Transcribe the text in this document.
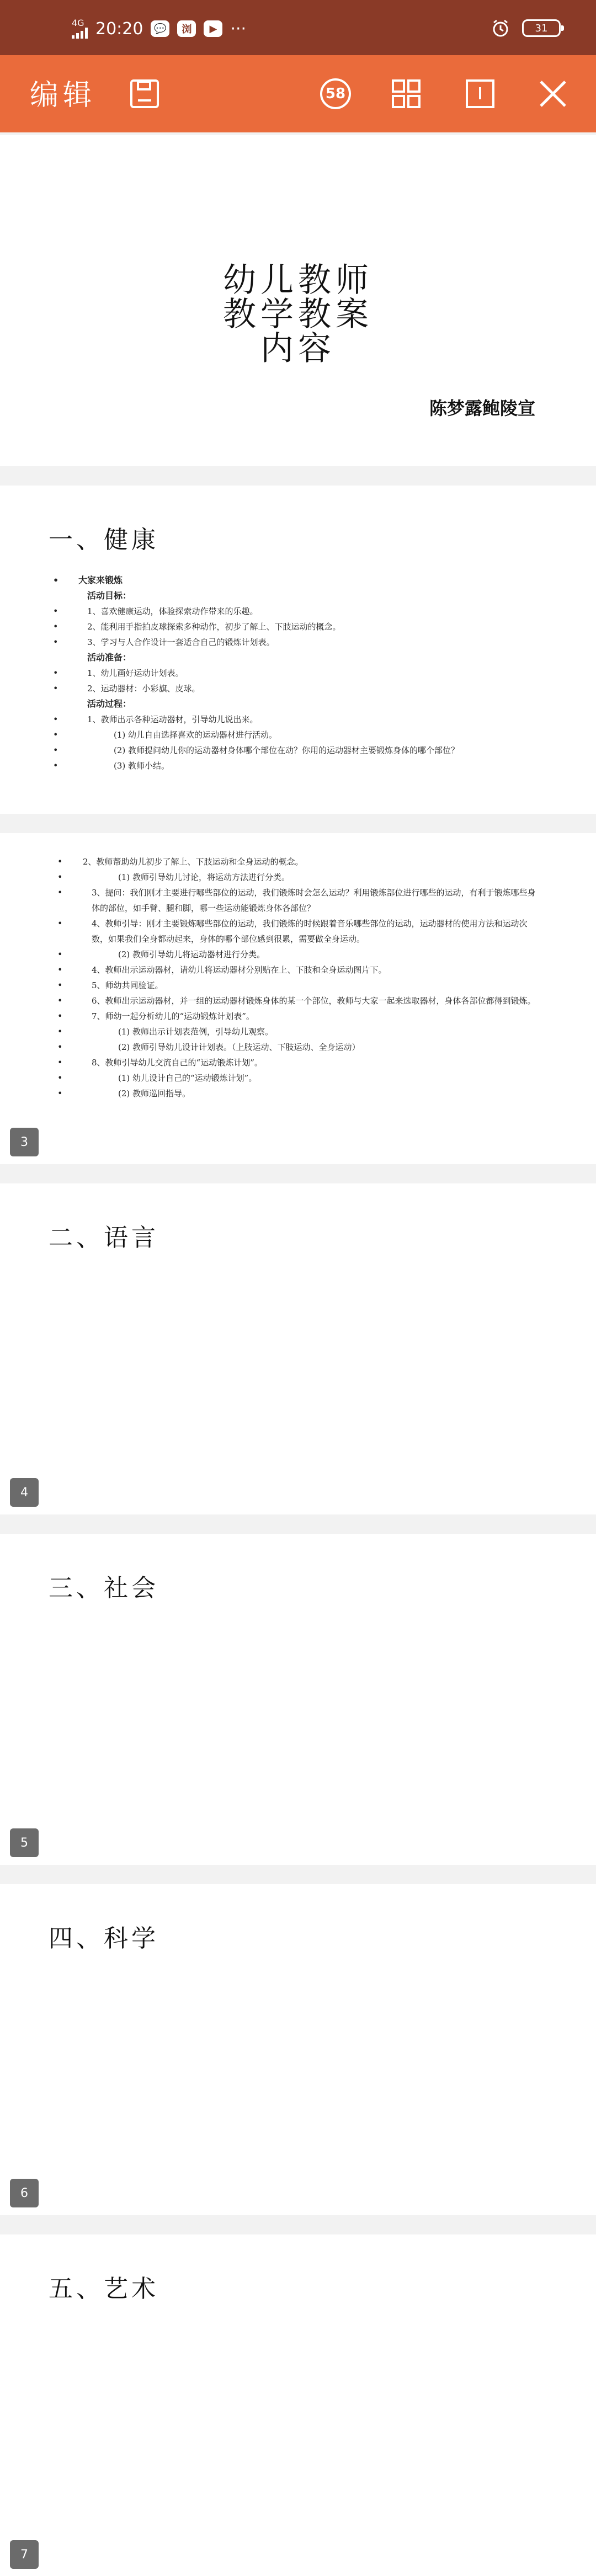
4G 20:20	💬	浏	▶ ···	31
编辑	58
幼儿教师
教学教案
内容
陈梦露鲍陵宣
一、健康
• 大家来锻炼
活动目标：
•	1、喜欢健康运动，体验探索动作带来的乐趣。
•	2、能利用手指拍皮球探索多种动作，初步了解上、下肢运动的概念。
•	3、学习与人合作设计一套适合自己的锻炼计划表。
活动准备：
•	1、幼儿画好运动计划表。
•	2、运动器材：小彩旗、皮球。
活动过程：
•	1、教师出示各种运动器材，引导幼儿说出来。
•	(1) 幼儿自由选择喜欢的运动器材进行活动。
•	(2) 教师提问幼儿你的运动器材身体哪个部位在动？你用的运动器材主要锻炼身体的哪个部位？
•	(3) 教师小结。
• 2、教师帮助幼儿初步了解上、下肢运动和全身运动的概念。
•	(1) 教师引导幼儿讨论，将运动方法进行分类。
•	3、提问：我们刚才主要进行哪些部位的运动，我们锻炼时会怎么运动？利用锻炼部位进行哪些的运动，有利于锻炼哪些身体的部位，如手臂、腿和脚，哪一些运动能锻炼身体各部位？
•	4、教师引导：刚才主要锻炼哪些部位的运动，我们锻炼的时候跟着音乐哪些部位的运动，运动器材的使用方法和运动次数，如果我们全身都动起来，身体的哪个部位感到很累，需要做全身运动。
•	(2) 教师引导幼儿将运动器材进行分类。
•	4、教师出示运动器材，请幼儿将运动器材分别贴在上、下肢和全身运动图片下。
•	5、师幼共同验证。
•	6、教师出示运动器材，并一组的运动器材锻炼身体的某一个部位，教师与大家一起来选取器材，身体各部位都得到锻炼。
•	7、师幼一起分析幼儿的“运动锻炼计划表”。
•	(1) 教师出示计划表范例，引导幼儿观察。
•	(2) 教师引导幼儿设计计划表。（上肢运动、下肢运动、全身运动）
•	8、教师引导幼儿交流自己的“运动锻炼计划”。
•	(1) 幼儿设计自己的“运动锻炼计划”。
•	(2) 教师巡回指导。
3
二、语言
4
三、社会
5
四、科学
6
五、艺术
7
